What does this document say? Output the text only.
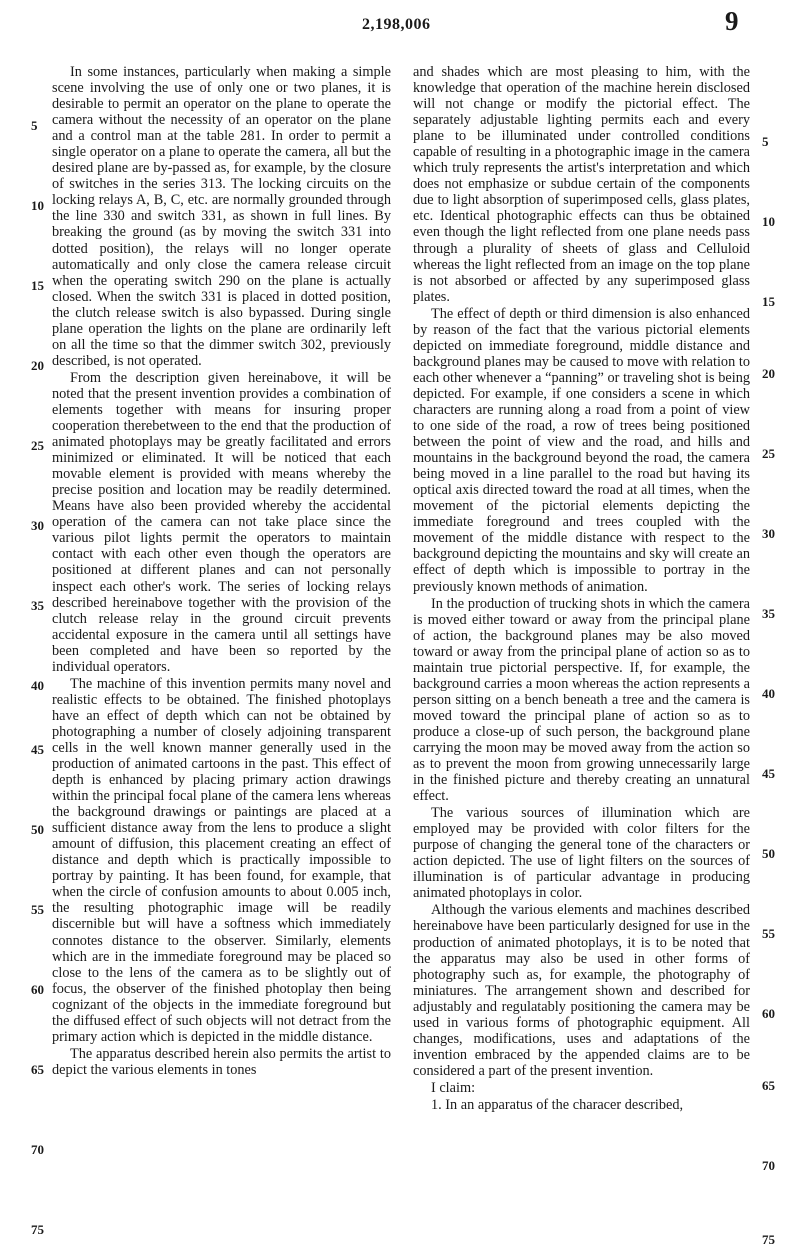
2,198,006	9
5
10
15
20
25
30
35
40
45
50
55
60
65
70
75
5
10
15
20
25
30
35
40
45
50
55
60
65
70
75

In some instances, particularly when making a simple scene involving the use of only one or two planes, it is desirable to permit an operator on the plane to operate the camera without the necessity of an operator on the plane and a control man at the table 281. In order to permit a single operator on a plane to operate the camera, all but the desired plane are by-passed as, for example, by the closure of switches in the series 313. The locking circuits on the locking relays A, B, C, etc. are normally grounded through the line 330 and switch 331, as shown in full lines. By breaking the ground (as by moving the switch 331 into dotted position), the relays will no longer operate automatically and only close the camera release circuit when the operating switch 290 on the plane is actually closed. When the switch 331 is placed in dotted position, the clutch release switch is also bypassed. During single plane operation the lights on the plane are ordinarily left on all the time so that the dimmer switch 302, previously described, is not operated.

From the description given hereinabove, it will be noted that the present invention provides a combination of elements together with means for insuring proper cooperation therebetween to the end that the production of animated photoplays may be greatly facilitated and errors minimized or eliminated. It will be noticed that each movable element is provided with means whereby the precise position and location may be readily determined. Means have also been provided whereby the accidental operation of the camera can not take place since the various pilot lights permit the operators to maintain contact with each other even though the operators are positioned at different planes and can not personally inspect each other's work. The series of locking relays described hereinabove together with the provision of the clutch release relay in the ground circuit prevents accidental exposure in the camera until all settings have been completed and have been so reported by the individual operators.

The machine of this invention permits many novel and realistic effects to be obtained. The finished photoplays have an effect of depth which can not be obtained by photographing a number of closely adjoining transparent cells in the well known manner generally used in the production of animated cartoons in the past. This effect of depth is enhanced by placing primary action drawings within the principal focal plane of the camera lens whereas the background drawings or paintings are placed at a sufficient distance away from the lens to produce a slight amount of diffusion, this placement creating an effect of distance and depth which is practically impossible to portray by painting. It has been found, for example, that when the circle of confusion amounts to about 0.005 inch, the resulting photographic image will be readily discernible but will have a softness which immediately connotes distance to the observer. Similarly, elements which are in the immediate foreground may be placed so close to the lens of the camera as to be slightly out of focus, the observer of the finished photoplay then being cognizant of the objects in the immediate foreground but the diffused effect of such objects will not detract from the primary action which is depicted in the middle distance.

The apparatus described herein also permits the artist to depict the various elements in tones

and shades which are most pleasing to him, with the knowledge that operation of the machine herein disclosed will not change or modify the pictorial effect. The separately adjustable lighting permits each and every plane to be illuminated under controlled conditions capable of resulting in a photographic image in the camera which truly represents the artist's interpretation and which does not emphasize or subdue certain of the components due to light absorption of superimposed cells, glass plates, etc. Identical photographic effects can thus be obtained even though the light reflected from one plane needs pass through a plurality of sheets of glass and Celluloid whereas the light reflected from an image on the top plane is not absorbed or affected by any superimposed glass plates.

The effect of depth or third dimension is also enhanced by reason of the fact that the various pictorial elements depicted on immediate foreground, middle distance and background planes may be caused to move with relation to each other whenever a “panning” or traveling shot is being depicted. For example, if one considers a scene in which characters are running along a road from a point of view to one side of the road, a row of trees being positioned between the point of view and the road, and hills and mountains in the background beyond the road, the camera being moved in a line parallel to the road but having its optical axis directed toward the road at all times, when the movement of the pictorial elements depicting the immediate foreground and trees coupled with the movement of the middle distance with respect to the background depicting the mountains and sky will create an effect of depth which is impossible to portray in the previously known methods of animation.

In the production of trucking shots in which the camera is moved either toward or away from the principal plane of action, the background planes may be also moved toward or away from the principal plane of action so as to maintain true pictorial perspective. If, for example, the background carries a moon whereas the action represents a person sitting on a bench beneath a tree and the camera is moved toward the principal plane of action so as to produce a close-up of such person, the background plane carrying the moon may be moved away from the action so as to prevent the moon from growing unnecessarily large in the finished picture and thereby creating an unnatural effect.

The various sources of illumination which are employed may be provided with color filters for the purpose of changing the general tone of the characters or action depicted. The use of light filters on the sources of illumination is of particular advantage in producing animated photoplays in color.

Although the various elements and machines described hereinabove have been particularly designed for use in the production of animated photoplays, it is to be noted that the apparatus may also be used in other forms of photography such as, for example, the photography of miniatures. The arrangement shown and described for adjustably and regulatably positioning the camera may be used in various forms of photographic equipment. All changes, modifications, uses and adaptations of the invention embraced by the appended claims are to be considered a part of the present invention.

I claim:

1. In an apparatus of the characer described,
